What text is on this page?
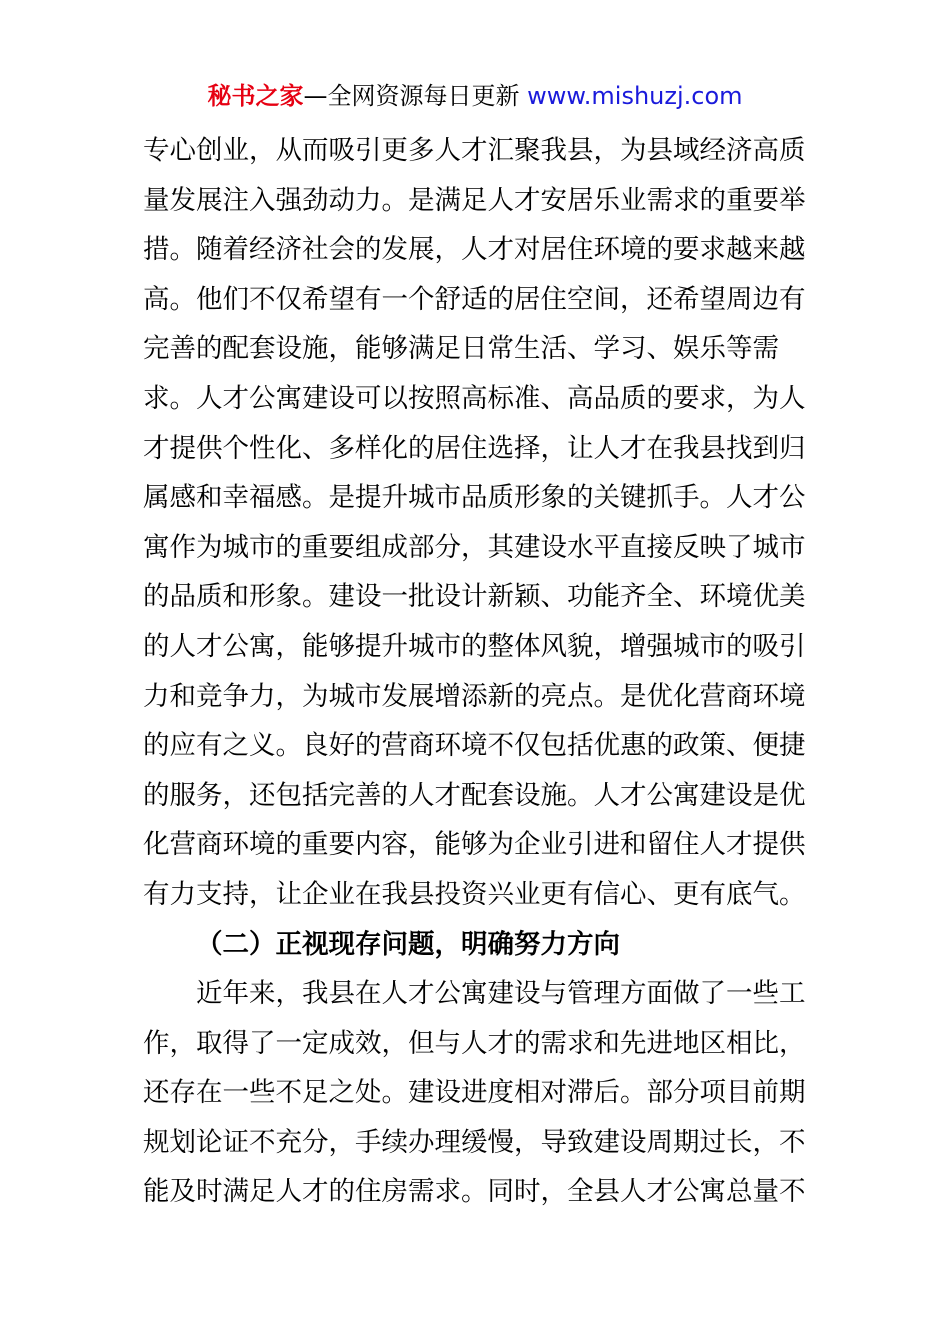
秘书之家—全网资源每日更新 www.mishuzj.com
专心创业，从而吸引更多人才汇聚我县，为县域经济高质
量发展注入强劲动力。是满足人才安居乐业需求的重要举
措。随着经济社会的发展，人才对居住环境的要求越来越
高。他们不仅希望有一个舒适的居住空间，还希望周边有
完善的配套设施，能够满足日常生活、学习、娱乐等需
求。人才公寓建设可以按照高标准、高品质的要求，为人
才提供个性化、多样化的居住选择，让人才在我县找到归
属感和幸福感。是提升城市品质形象的关键抓手。人才公
寓作为城市的重要组成部分，其建设水平直接反映了城市
的品质和形象。建设一批设计新颖、功能齐全、环境优美
的人才公寓，能够提升城市的整体风貌，增强城市的吸引
力和竞争力，为城市发展增添新的亮点。是优化营商环境
的应有之义。良好的营商环境不仅包括优惠的政策、便捷
的服务，还包括完善的人才配套设施。人才公寓建设是优
化营商环境的重要内容，能够为企业引进和留住人才提供
有力支持，让企业在我县投资兴业更有信心、更有底气。
（二）正视现存问题，明确努力方向
近年来，我县在人才公寓建设与管理方面做了一些工
作，取得了一定成效，但与人才的需求和先进地区相比，
还存在一些不足之处。建设进度相对滞后。部分项目前期
规划论证不充分，手续办理缓慢，导致建设周期过长，不
能及时满足人才的住房需求。同时，全县人才公寓总量不
